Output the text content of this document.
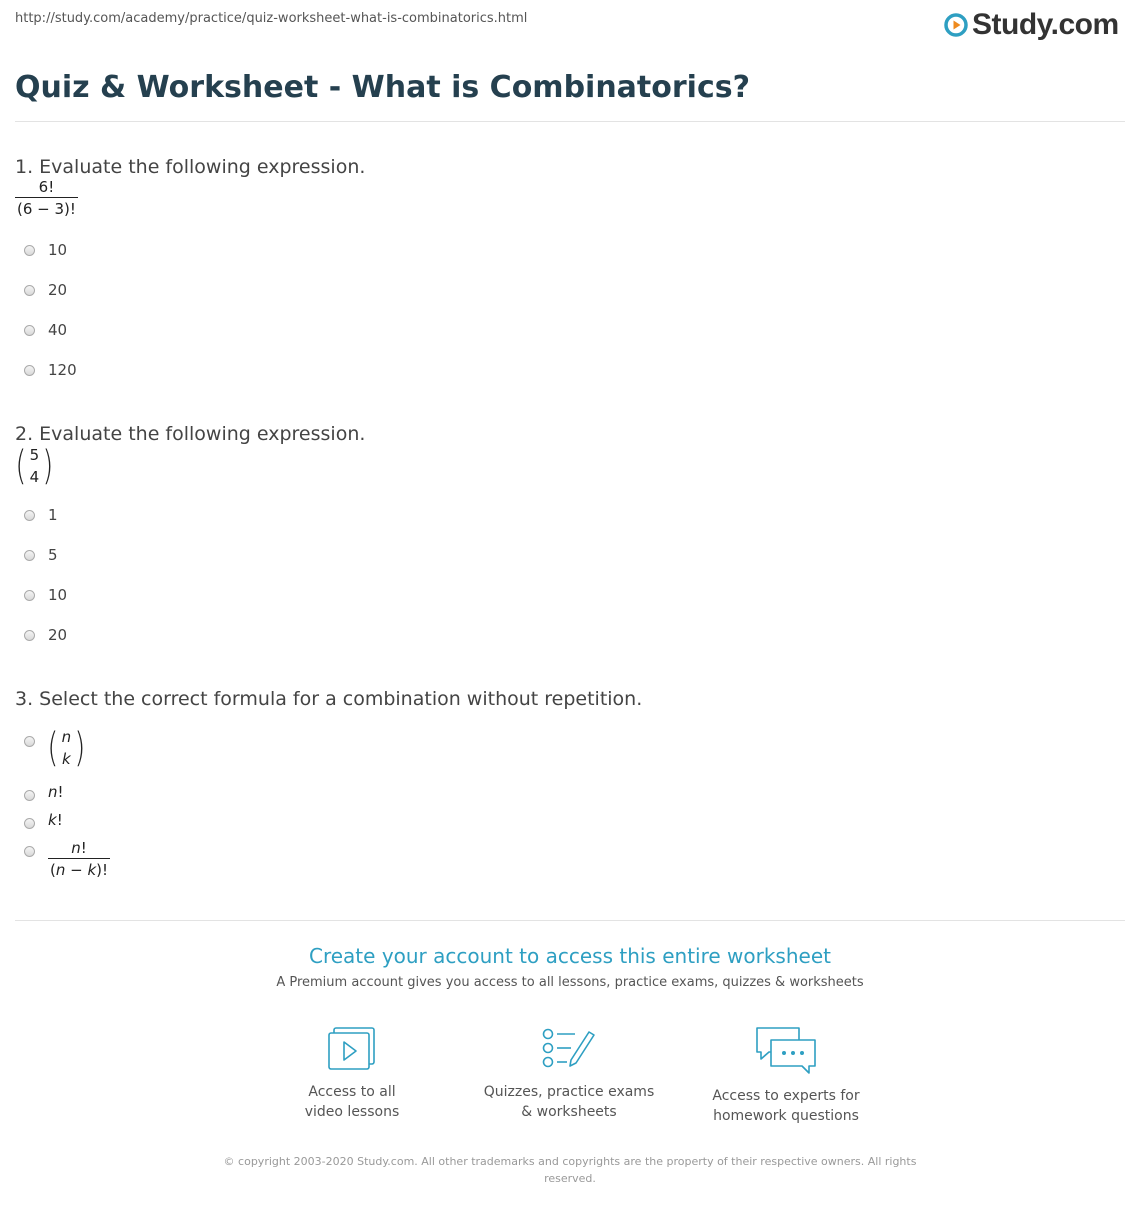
http://study.com/academy/practice/quiz-worksheet-what-is-combinatorics.html	Study.com
Quiz & Worksheet - What is Combinatorics?
1. Evaluate the following expression.
$\frac{6!}{(6 - 3)!}$
10
20
40
120
2. Evaluate the following expression.
( 5
4 )
1
5
10
20
3. Select the correct formula for a combination without repetition.
( n
k )
n!
k!
$\frac{n!}{(n - k)!}$
Create your account to access this entire worksheet
A Premium account gives you access to all lessons, practice exams, quizzes & worksheets
Access to all
video lessons
Quizzes, practice exams
& worksheets
Access to experts for
homework questions
© copyright 2003-2020 Study.com. All other trademarks and copyrights are the property of their respective owners. All rights
reserved.
